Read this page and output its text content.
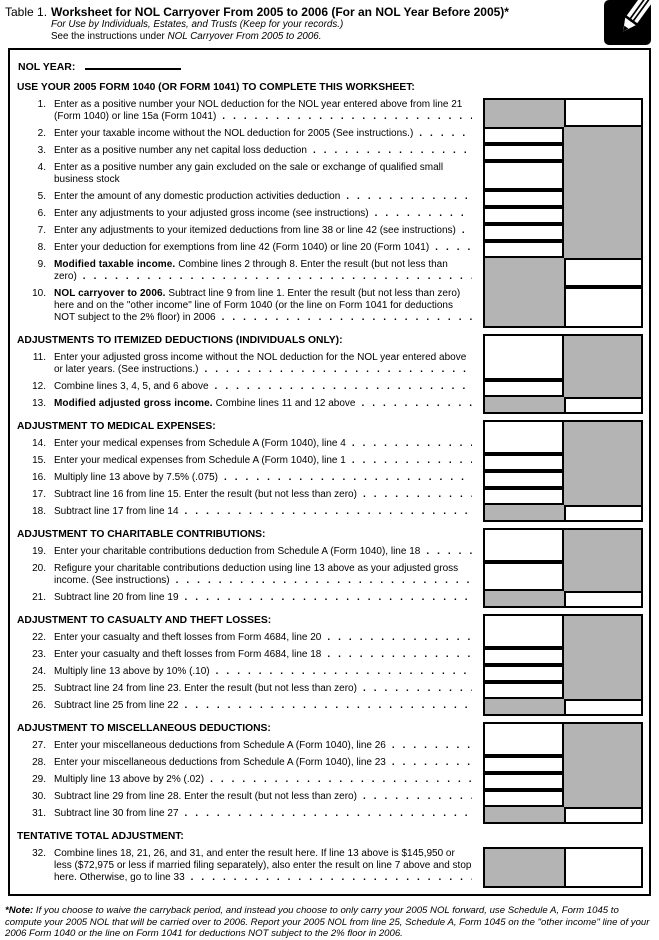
Table 1. Worksheet for NOL Carryover From 2005 to 2006 (For an NOL Year Before 2005)*
For Use by Individuals, Estates, and Trusts (Keep for your records.)
See the instructions under NOL Carryover From 2005 to 2006.
NOL YEAR:
USE YOUR 2005 FORM 1040 (OR FORM 1041) TO COMPLETE THIS WORKSHEET:
1. Enter as a positive number your NOL deduction for the NOL year entered above from line 21 (Form 1040) or line 15a (Form 1041) .....
2. Enter your taxable income without the NOL deduction for 2005 (See instructions.) .....
3. Enter as a positive number any net capital loss deduction .....
4. Enter as a positive number any gain excluded on the sale or exchange of qualified small business stock
5. Enter the amount of any domestic production activities deduction .....
6. Enter any adjustments to your adjusted gross income (see instructions) .....
7. Enter any adjustments to your itemized deductions from line 38 or line 42 (see instructions) .....
8. Enter your deduction for exemptions from line 42 (Form 1040) or line 20 (Form 1041) .....
9. Modified taxable income. Combine lines 2 through 8. Enter the result (but not less than zero) .....
10. NOL carryover to 2006. Subtract line 9 from line 1. Enter the result (but not less than zero) here and on the "other income" line of Form 1040 (or the line on Form 1041 for deductions NOT subject to the 2% floor) in 2006 .....
ADJUSTMENTS TO ITEMIZED DEDUCTIONS (INDIVIDUALS ONLY):
11. Enter your adjusted gross income without the NOL deduction for the NOL year entered above or later years. (See instructions.) .....
12. Combine lines 3, 4, 5, and 6 above .....
13. Modified adjusted gross income. Combine lines 11 and 12 above .....
ADJUSTMENT TO MEDICAL EXPENSES:
14. Enter your medical expenses from Schedule A (Form 1040), line 4 .....
15. Enter your medical expenses from Schedule A (Form 1040), line 1 .....
16. Multiply line 13 above by 7.5% (.075) .....
17. Subtract line 16 from line 15. Enter the result (but not less than zero) .....
18. Subtract line 17 from line 14 .....
ADJUSTMENT TO CHARITABLE CONTRIBUTIONS:
19. Enter your charitable contributions deduction from Schedule A (Form 1040), line 18 .....
20. Refigure your charitable contributions deduction using line 13 above as your adjusted gross income. (See instructions) .....
21. Subtract line 20 from line 19 .....
ADJUSTMENT TO CASUALTY AND THEFT LOSSES:
22. Enter your casualty and theft losses from Form 4684, line 20 .....
23. Enter your casualty and theft losses from Form 4684, line 18 .....
24. Multiply line 13 above by 10% (.10) .....
25. Subtract line 24 from line 23. Enter the result (but not less than zero) .....
26. Subtract line 25 from line 22 .....
ADJUSTMENT TO MISCELLANEOUS DEDUCTIONS:
27. Enter your miscellaneous deductions from Schedule A (Form 1040), line 26 .....
28. Enter your miscellaneous deductions from Schedule A (Form 1040), line 23 .....
29. Multiply line 13 above by 2% (.02) .....
30. Subtract line 29 from line 28. Enter the result (but not less than zero) .....
31. Subtract line 30 from line 27 .....
TENTATIVE TOTAL ADJUSTMENT:
32. Combine lines 18, 21, 26, and 31, and enter the result here. If line 13 above is $145,950 or less ($72,975 or less if married filing separately), also enter the result on line 7 above and stop here. Otherwise, go to line 33 .....
*Note: If you choose to waive the carryback period, and instead you choose to only carry your 2005 NOL forward, use Schedule A, Form 1045 to compute your 2005 NOL that will be carried over to 2006. Report your 2005 NOL from line 25, Schedule A, Form 1045 on the "other income" line of your 2006 Form 1040 or the line on Form 1041 for deductions NOT subject to the 2% floor in 2006.
